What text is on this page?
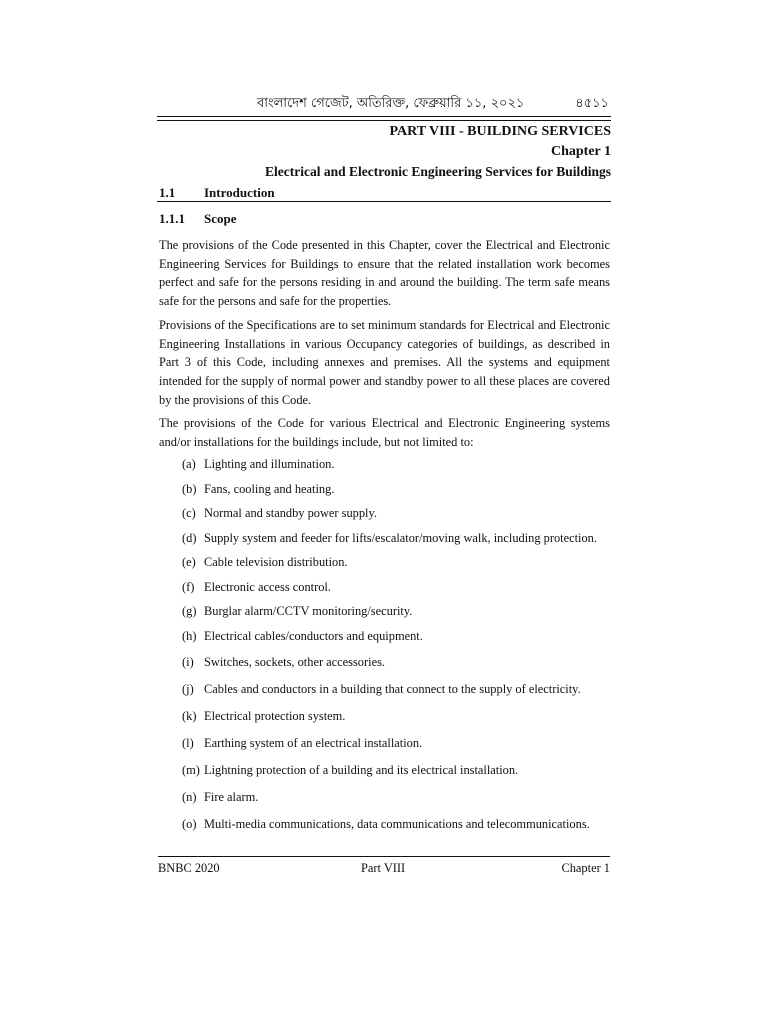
বাংলাদেশ গেজেট, অতিরিক্ত, ফেব্রুয়ারি ১১, ২০২১	৪৫১১
PART VIII - BUILDING SERVICES
Chapter 1
Electrical and Electronic Engineering Services for Buildings
1.1 Introduction
1.1.1 Scope

The provisions of the Code presented in this Chapter, cover the Electrical and Electronic Engineering Services for Buildings to ensure that the related installation work becomes perfect and safe for the persons residing in and around the building. The term safe means safe for the persons and safe for the properties.

Provisions of the Specifications are to set minimum standards for Electrical and Electronic Engineering Installations in various Occupancy categories of buildings, as described in Part 3 of this Code, including annexes and premises. All the systems and equipment intended for the supply of normal power and standby power to all these places are covered by the provisions of this Code.

The provisions of the Code for various Electrical and Electronic Engineering systems and/or installations for the buildings include, but not limited to:

(a) Lighting and illumination.
(b) Fans, cooling and heating.
(c) Normal and standby power supply.
(d) Supply system and feeder for lifts/escalator/moving walk, including protection.
(e) Cable television distribution.
(f) Electronic access control.
(g) Burglar alarm/CCTV monitoring/security.
(h) Electrical cables/conductors and equipment.
(i) Switches, sockets, other accessories.
(j) Cables and conductors in a building that connect to the supply of electricity.
(k) Electrical protection system.
(l) Earthing system of an electrical installation.
(m) Lightning protection of a building and its electrical installation.
(n) Fire alarm.
(o) Multi-media communications, data communications and telecommunications.
BNBC 2020	Part VIII	Chapter 1
